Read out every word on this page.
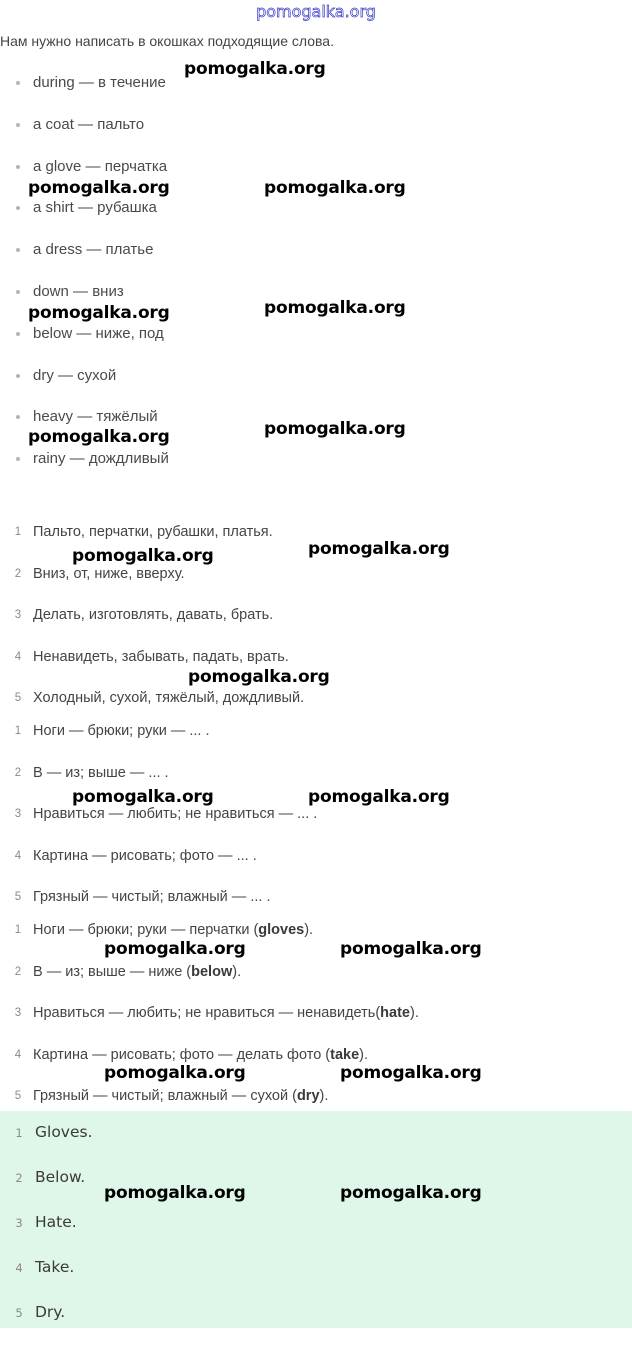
pomogalka.org
Нам нужно написать в окошках подходящие слова.
during — в течение
a coat — пальто
a glove — перчатка
a shirt — рубашка
a dress — платье
down — вниз
below — ниже, под
dry — сухой
heavy — тяжёлый
rainy — дождливый
1 Пальто, перчатки, рубашки, платья.
2 Вниз, от, ниже, вверху.
3 Делать, изготовлять, давать, брать.
4 Ненавидеть, забывать, падать, врать.
5 Холодный, сухой, тяжёлый, дождливый.
1 Ноги — брюки; руки — ... .
2 В — из; выше — ... .
3 Нравиться — любить; не нравиться — ... .
4 Картина — рисовать; фото — ... .
5 Грязный — чистый; влажный — ... .
1 Ноги — брюки; руки — перчатки (gloves).
2 В — из; выше — ниже (below).
3 Нравиться — любить; не нравиться — ненавидеть(hate).
4 Картина — рисовать; фото — делать фото (take).
5 Грязный — чистый; влажный — сухой (dry).
1 Gloves.
2 Below.
3 Hate.
4 Take.
5 Dry.
pomogalka.org
pomogalka.org	pomogalka.org
pomogalka.org	pomogalka.org
pomogalka.org	pomogalka.org
pomogalka.org	pomogalka.org
pomogalka.org
pomogalka.org	pomogalka.org
pomogalka.org	pomogalka.org
pomogalka.org	pomogalka.org
pomogalka.org	pomogalka.org
